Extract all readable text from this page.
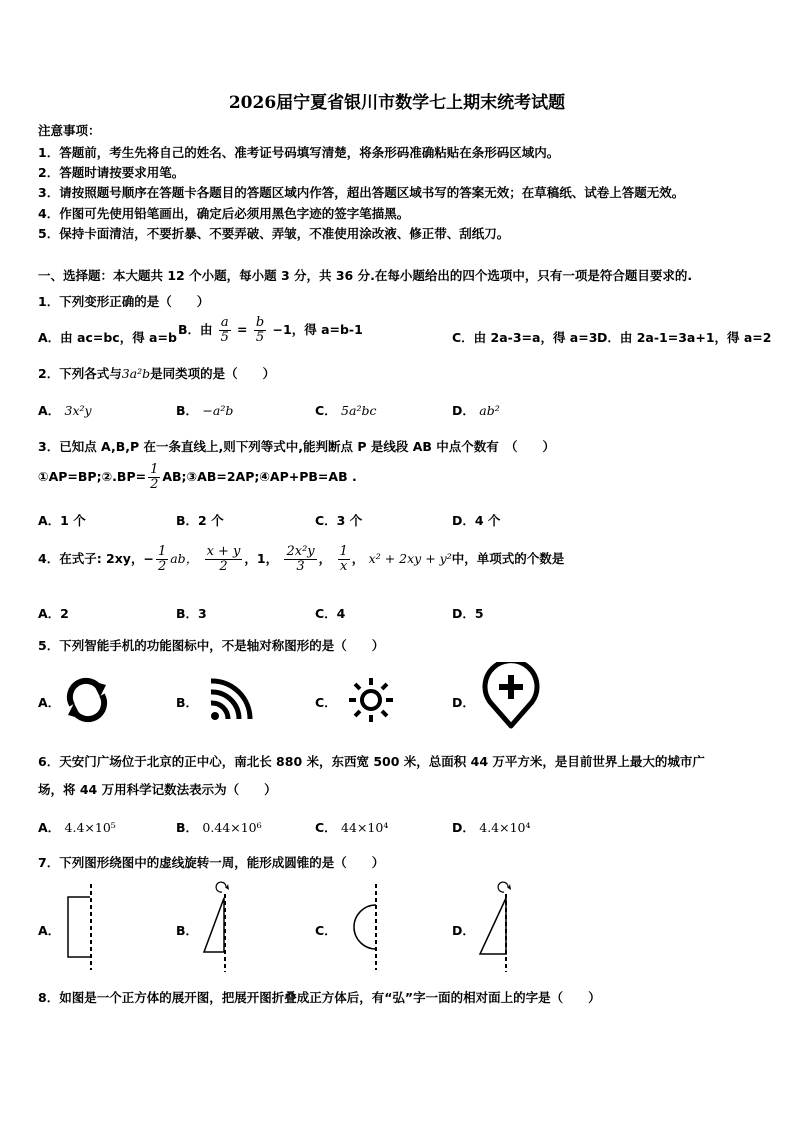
2026届宁夏省银川市数学七上期末统考试题
注意事项：
1．答题前，考生先将自己的姓名、准考证号码填写清楚，将条形码准确粘贴在条形码区域内。
2．答题时请按要求用笔。
3．请按照题号顺序在答题卡各题目的答题区域内作答，超出答题区域书写的答案无效；在草稿纸、试卷上答题无效。
4．作图可先使用铅笔画出，确定后必须用黑色字迹的签字笔描黑。
5．保持卡面清洁，不要折暴、不要弄破、弄皱，不准使用涂改液、修正带、刮纸刀。
一、选择题：本大题共 12 个小题，每小题 3 分，共 36 分.在每小题给出的四个选项中，只有一项是符合题目要求的.
1．下列变形正确的是（　　）
A．由 ac=bc，得 a=b
B．由 $\frac{a}{5} = \frac{b}{5} -1$，得 a=b-1
C．由 2a-3=a，得 a=3 D．由 2a-1=3a+1，得 a=2
2．下列各式与3a²b是同类项的是（　　）
A． 3x²y	B． −a²b	C． 5a²bc	D． ab²
3．已知点 A,B,P 在一条直线上,则下列等式中,能判断点 P 是线段 AB 中点个数有　（　　）
①AP=BP;②.BP= $\frac{1}{2}$ AB;③AB=2AP;④AP+PB=AB .
A．1 个	B．2 个	C．3 个	D．4 个
4．在式子: 2xy，− $\frac{1}{2}$ ab， $\frac{x + y}{2}$ ，1， $\frac{\text{2x²y}}{3}$ ， $\frac{1}{x}$ ， x² + 2xy + y²中，单项式的个数是
A．2	B．3	C．4	D．5
5．下列智能手机的功能图标中，不是轴对称图形的是（　　）
A．	B．	C．	D．
6．天安门广场位于北京的正中心，南北长 880 米，东西宽 500 米，总面积 44 万平方米，是目前世界上最大的城市广
场，将 44 万用科学记数法表示为（　　）
A． 4.4×10⁵	B． 0.44×10⁶	C． 44×10⁴	D． 4.4×10⁴
7．下列图形绕图中的虚线旋转一周，能形成圆锥的是（　　）
A．	B．	C．	D．
8．如图是一个正方体的展开图，把展开图折叠成正方体后，有“弘”字一面的相对面上的字是（　　）
